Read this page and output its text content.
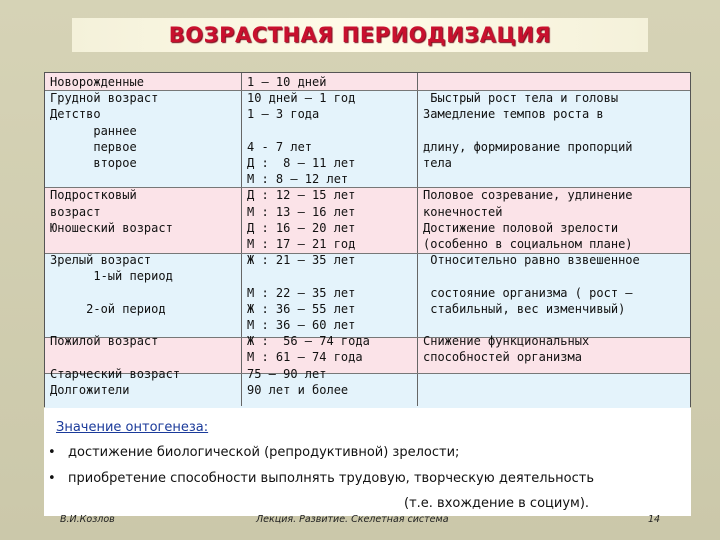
ВОЗРАСТНАЯ ПЕРИОДИЗАЦИЯ
Новорожденные
Грудной возраст
Детство
раннее
первое
второе

Подростковый
возраст
Юношеский возраст

Зрелый возраст
1-ый период

2-ой период

Пожилой возраст

Старческий возраст
Долгожители
1 – 10 дней
10 дней – 1 год
1 – 3 года

4 - 7 лет
Д :  8 – 11 лет
М : 8 – 12 лет
Д : 12 – 15 лет
М : 13 – 16 лет
Д : 16 – 20 лет
М : 17 – 21 год
Ж : 21 – 35 лет

М : 22 – 35 лет
Ж : 36 – 55 лет
М : 36 – 60 лет
Ж :  56 – 74 года
М : 61 – 74 года
75 – 90 лет
90 лет и более

Быстрый рост тела и головы
Замедление темпов роста в

длину, формирование пропорций
тела

Половое созревание, удлинение
конечностей
Достижение половой зрелости
(особенно в социальном плане)
Относительно равно взвешенное

состояние организма ( рост –
стабильный, вес изменчивый)

Снижение функциональных
способностей организма
Значение онтогенеза:
• достижение биологической (репродуктивной) зрелости;
• приобретение способности выполнять трудовую, творческую деятельность
(т.е. вхождение в социум).
В.И.Козлов	Лекция. Развитие. Скелетная система	14
